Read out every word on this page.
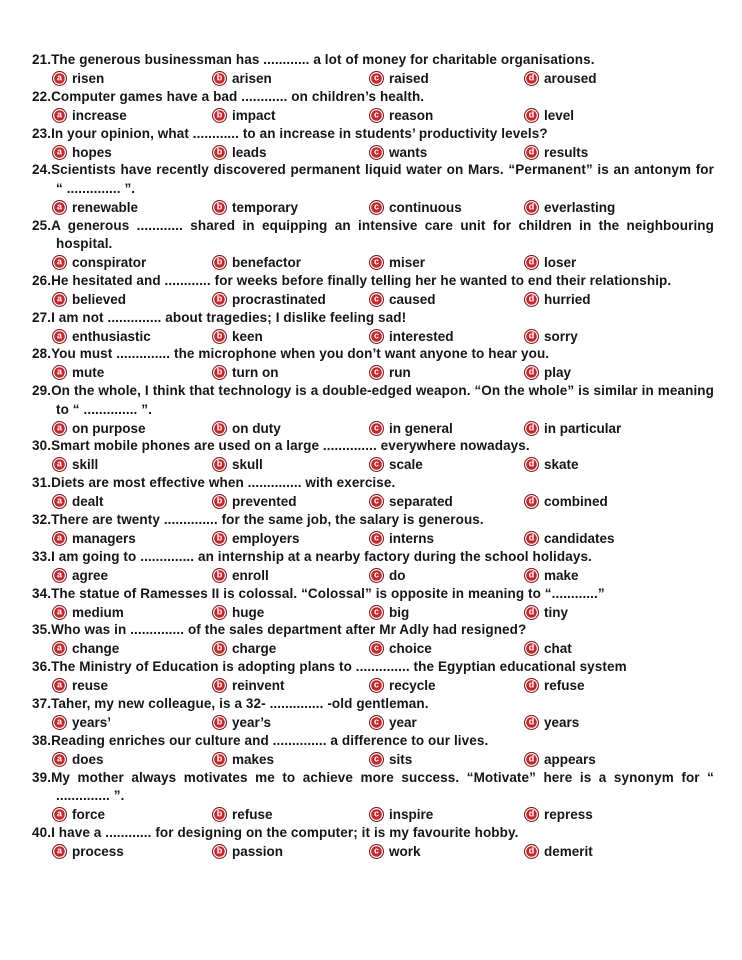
21.The generous businessman has ............ a lot of money for charitable organisations.

a risen	b arisen	c raised	d aroused

22.Computer games have a bad ............ on children’s health.

a increase	b impact	c reason	d level

23.In your opinion, what ............ to an increase in students’ productivity levels?

a hopes	b leads	c wants	d results

24.Scientists have recently discovered permanent liquid water on Mars. “Permanent” is an antonym for “ .............. ”.

a renewable	b temporary	c continuous	d everlasting

25.A generous ............ shared in equipping an intensive care unit for children in the neighbouring hospital.

a conspirator	b benefactor	c miser	d loser

26.He hesitated and ............ for weeks before finally telling her he wanted to end their relationship.

a believed	b procrastinated	c caused	d hurried

27.I am not .............. about tragedies; I dislike feeling sad!

a enthusiastic	b keen	c interested	d sorry

28.You must .............. the microphone when you don’t want anyone to hear you.

a mute	b turn on	c run	d play

29.On the whole, I think that technology is a double-edged weapon. “On the whole” is similar in meaning to “ .............. ”.

a on purpose	b on duty	c in general	d in particular

30.Smart mobile phones are used on a large .............. everywhere nowadays.

a skill	b skull	c scale	d skate

31.Diets are most effective when .............. with exercise.

a dealt	b prevented	c separated	d combined

32.There are twenty .............. for the same job, the salary is generous.

a managers	b employers	c interns	d candidates

33.I am going to .............. an internship at a nearby factory during the school holidays.

a agree	b enroll	c do	d make

34.The statue of Ramesses II is colossal. “Colossal” is opposite in meaning to “............”

a medium	b huge	c big	d tiny

35.Who was in .............. of the sales department after Mr Adly had resigned?

a change	b charge	c choice	d chat

36.The Ministry of Education is adopting plans to .............. the Egyptian educational system

a reuse	b reinvent	c recycle	d refuse

37.Taher, my new colleague, is a 32- .............. -old gentleman.

a years’	b year’s	c year	d years

38.Reading enriches our culture and .............. a difference to our lives.

a does	b makes	c sits	d appears

39.My mother always motivates me to achieve more success. “Motivate” here is a synonym for “ .............. ”.

a force	b refuse	c inspire	d repress

40.I have a ............ for designing on the computer; it is my favourite hobby.

a process	b passion	c work	d demerit
